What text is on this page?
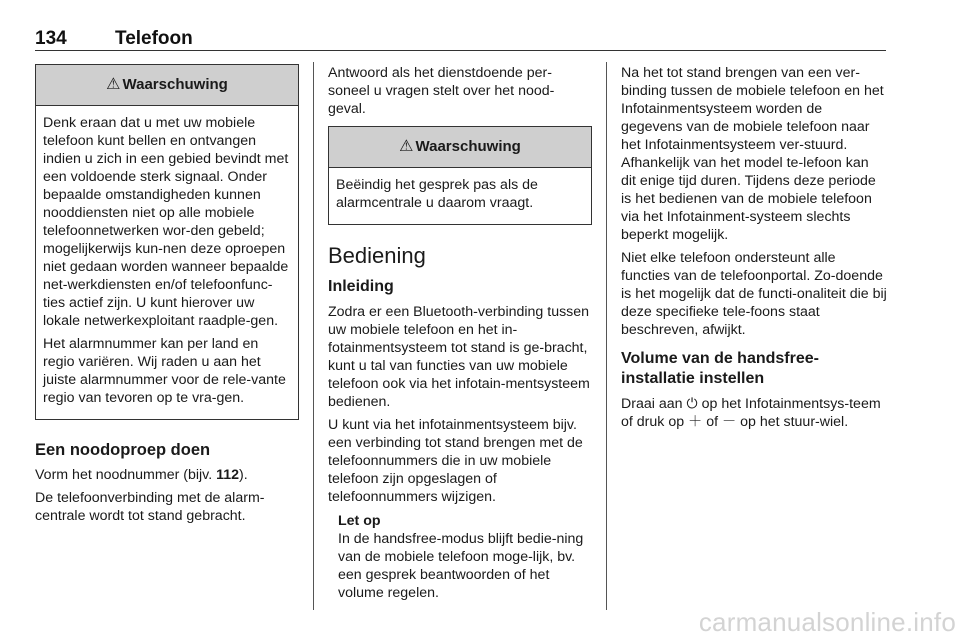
134	Telefoon
⚠ Waarschuwing

Denk eraan dat u met uw mobiele telefoon kunt bellen en ontvangen indien u zich in een gebied bevindt met een voldoende sterk signaal. Onder bepaalde omstandigheden kunnen nooddiensten niet op alle mobiele telefoonnetwerken wor-den gebeld; mogelijkerwijs kun-nen deze oproepen niet gedaan worden wanneer bepaalde net-werkdiensten en/of telefoonfunc-ties actief zijn. U kunt hierover uw lokale netwerkexploitant raadple-gen.

Het alarmnummer kan per land en regio variëren. Wij raden u aan het juiste alarmnummer voor de rele-vante regio van tevoren op te vra-gen.

Een noodoproep doen

Vorm het noodnummer (bijv. 112).

De telefoonverbinding met de alarm-centrale wordt tot stand gebracht.

Antwoord als het dienstdoende per-soneel u vragen stelt over het nood-geval.

⚠ Waarschuwing

Beëindig het gesprek pas als de alarmcentrale u daarom vraagt.

Bediening
Inleiding

Zodra er een Bluetooth-verbinding tussen uw mobiele telefoon en het in-fotainmentsysteem tot stand is ge-bracht, kunt u tal van functies van uw mobiele telefoon ook via het infotain-mentsysteem bedienen.

U kunt via het infotainmentsysteem bijv. een verbinding tot stand brengen met de telefoonnummers die in uw mobiele telefoon zijn opgeslagen of telefoonnummers wijzigen.

Let op
In de handsfree-modus blijft bedie-ning van de mobiele telefoon moge-lijk, bv. een gesprek beantwoorden of het volume regelen.

Na het tot stand brengen van een ver-binding tussen de mobiele telefoon en het Infotainmentsysteem worden de gegevens van de mobiele telefoon naar het Infotainmentsysteem ver-stuurd. Afhankelijk van het model te-lefoon kan dit enige tijd duren. Tijdens deze periode is het bedienen van de mobiele telefoon via het Infotainment-systeem slechts beperkt mogelijk.

Niet elke telefoon ondersteunt alle functies van de telefoonportal. Zo-doende is het mogelijk dat de functi-onaliteit die bij deze specifieke tele-foons staat beschreven, afwijkt.

Volume van de handsfree-installatie instellen

Draai aan ⏻ op het Infotainmentsys-teem of druk op ＋ of － op het stuur-wiel.

carmanualsonline.info
